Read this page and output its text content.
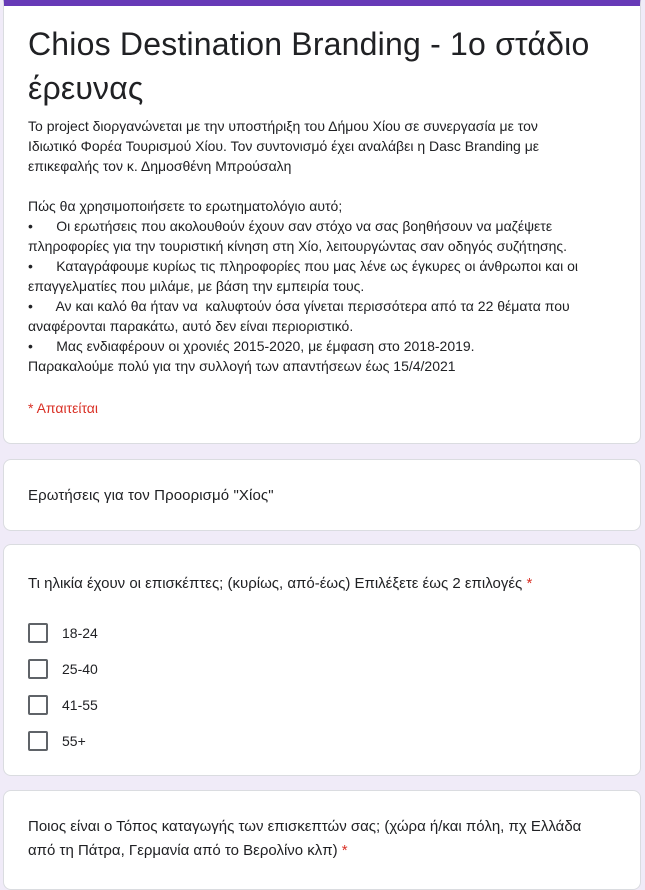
Chios Destination Branding - 1ο στάδιο έρευνας
Το project διοργανώνεται με την υποστήριξη του Δήμου Χίου σε συνεργασία με τον
Ιδιωτικό Φορέα Τουρισμού Χίου. Τον συντονισμό έχει αναλάβει η Dasc Branding με
επικεφαλής τον κ. Δημοσθένη Μπρούσαλη
Πώς θα χρησιμοποιήσετε το ερωτηματολόγιο αυτό;
•      Οι ερωτήσεις που ακολουθούν έχουν σαν στόχο να σας βοηθήσουν να μαζέψετε
πληροφορίες για την τουριστική κίνηση στη Χίο, λειτουργώντας σαν οδηγός συζήτησης.
•      Καταγράφουμε κυρίως τις πληροφορίες που μας λένε ως έγκυρες οι άνθρωποι και οι
επαγγελματίες που μιλάμε, με βάση την εμπειρία τους.
•      Αν και καλό θα ήταν να  καλυφτούν όσα γίνεται περισσότερα από τα 22 θέματα που
αναφέρονται παρακάτω, αυτό δεν είναι περιοριστικό.
•      Μας ενδιαφέρουν οι χρονιές 2015-2020, με έμφαση στο 2018-2019.
Παρακαλούμε πολύ για την συλλογή των απαντήσεων έως 15/4/2021
* Απαιτείται
Ερωτήσεις για τον Προορισμό "Χίος"
Τι ηλικία έχουν οι επισκέπτες; (κυρίως, από-έως) Επιλέξετε έως 2 επιλογές *
18-24
25-40
41-55
55+
Ποιος είναι ο Τόπος καταγωγής των επισκεπτών σας; (χώρα ή/και πόλη, πχ Ελλάδα από τη Πάτρα, Γερμανία από το Βερολίνο κλπ) *
